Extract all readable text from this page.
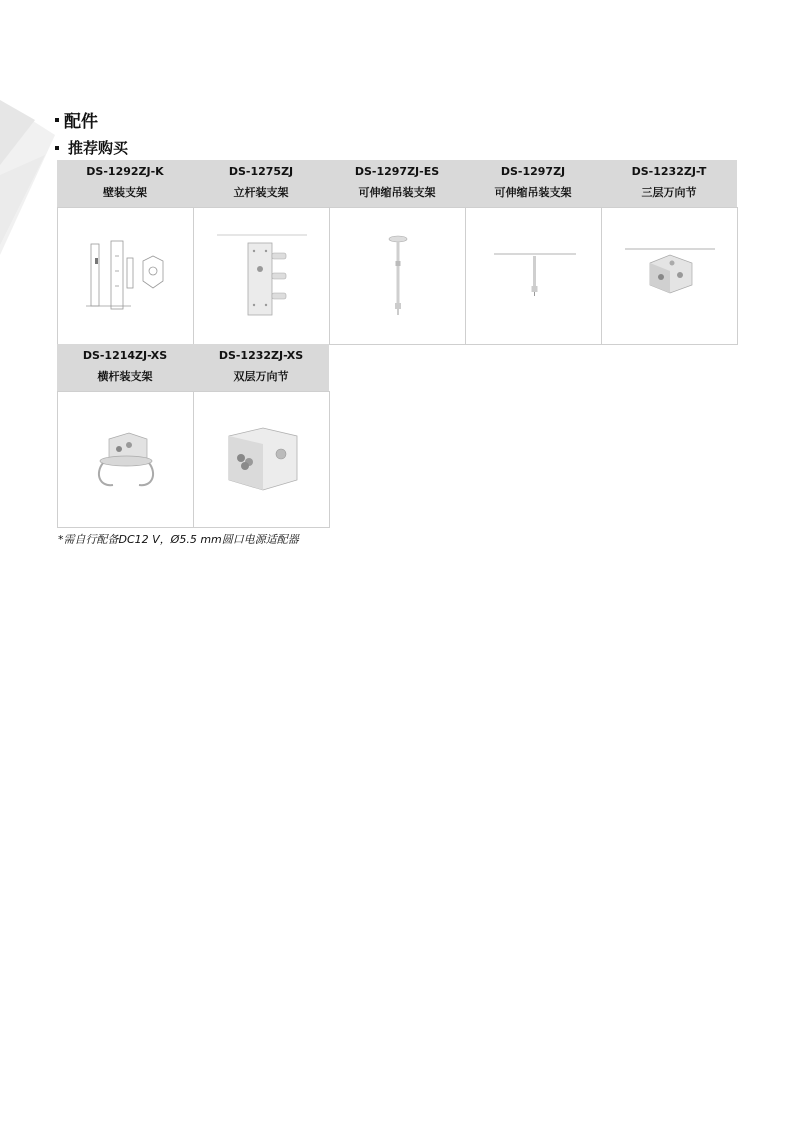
配件
推荐购买
DS-1292ZJ-K
壁装支架
DS-1275ZJ
立杆装支架
DS-1297ZJ-ES
可伸缩吊装支架
DS-1297ZJ
可伸缩吊装支架
DS-1232ZJ-T
三层万向节
DS-1214ZJ-XS
横杆装支架
DS-1232ZJ-XS
双层万向节
*需自行配备DC12 V，Ø5.5 mm圆口电源适配器
